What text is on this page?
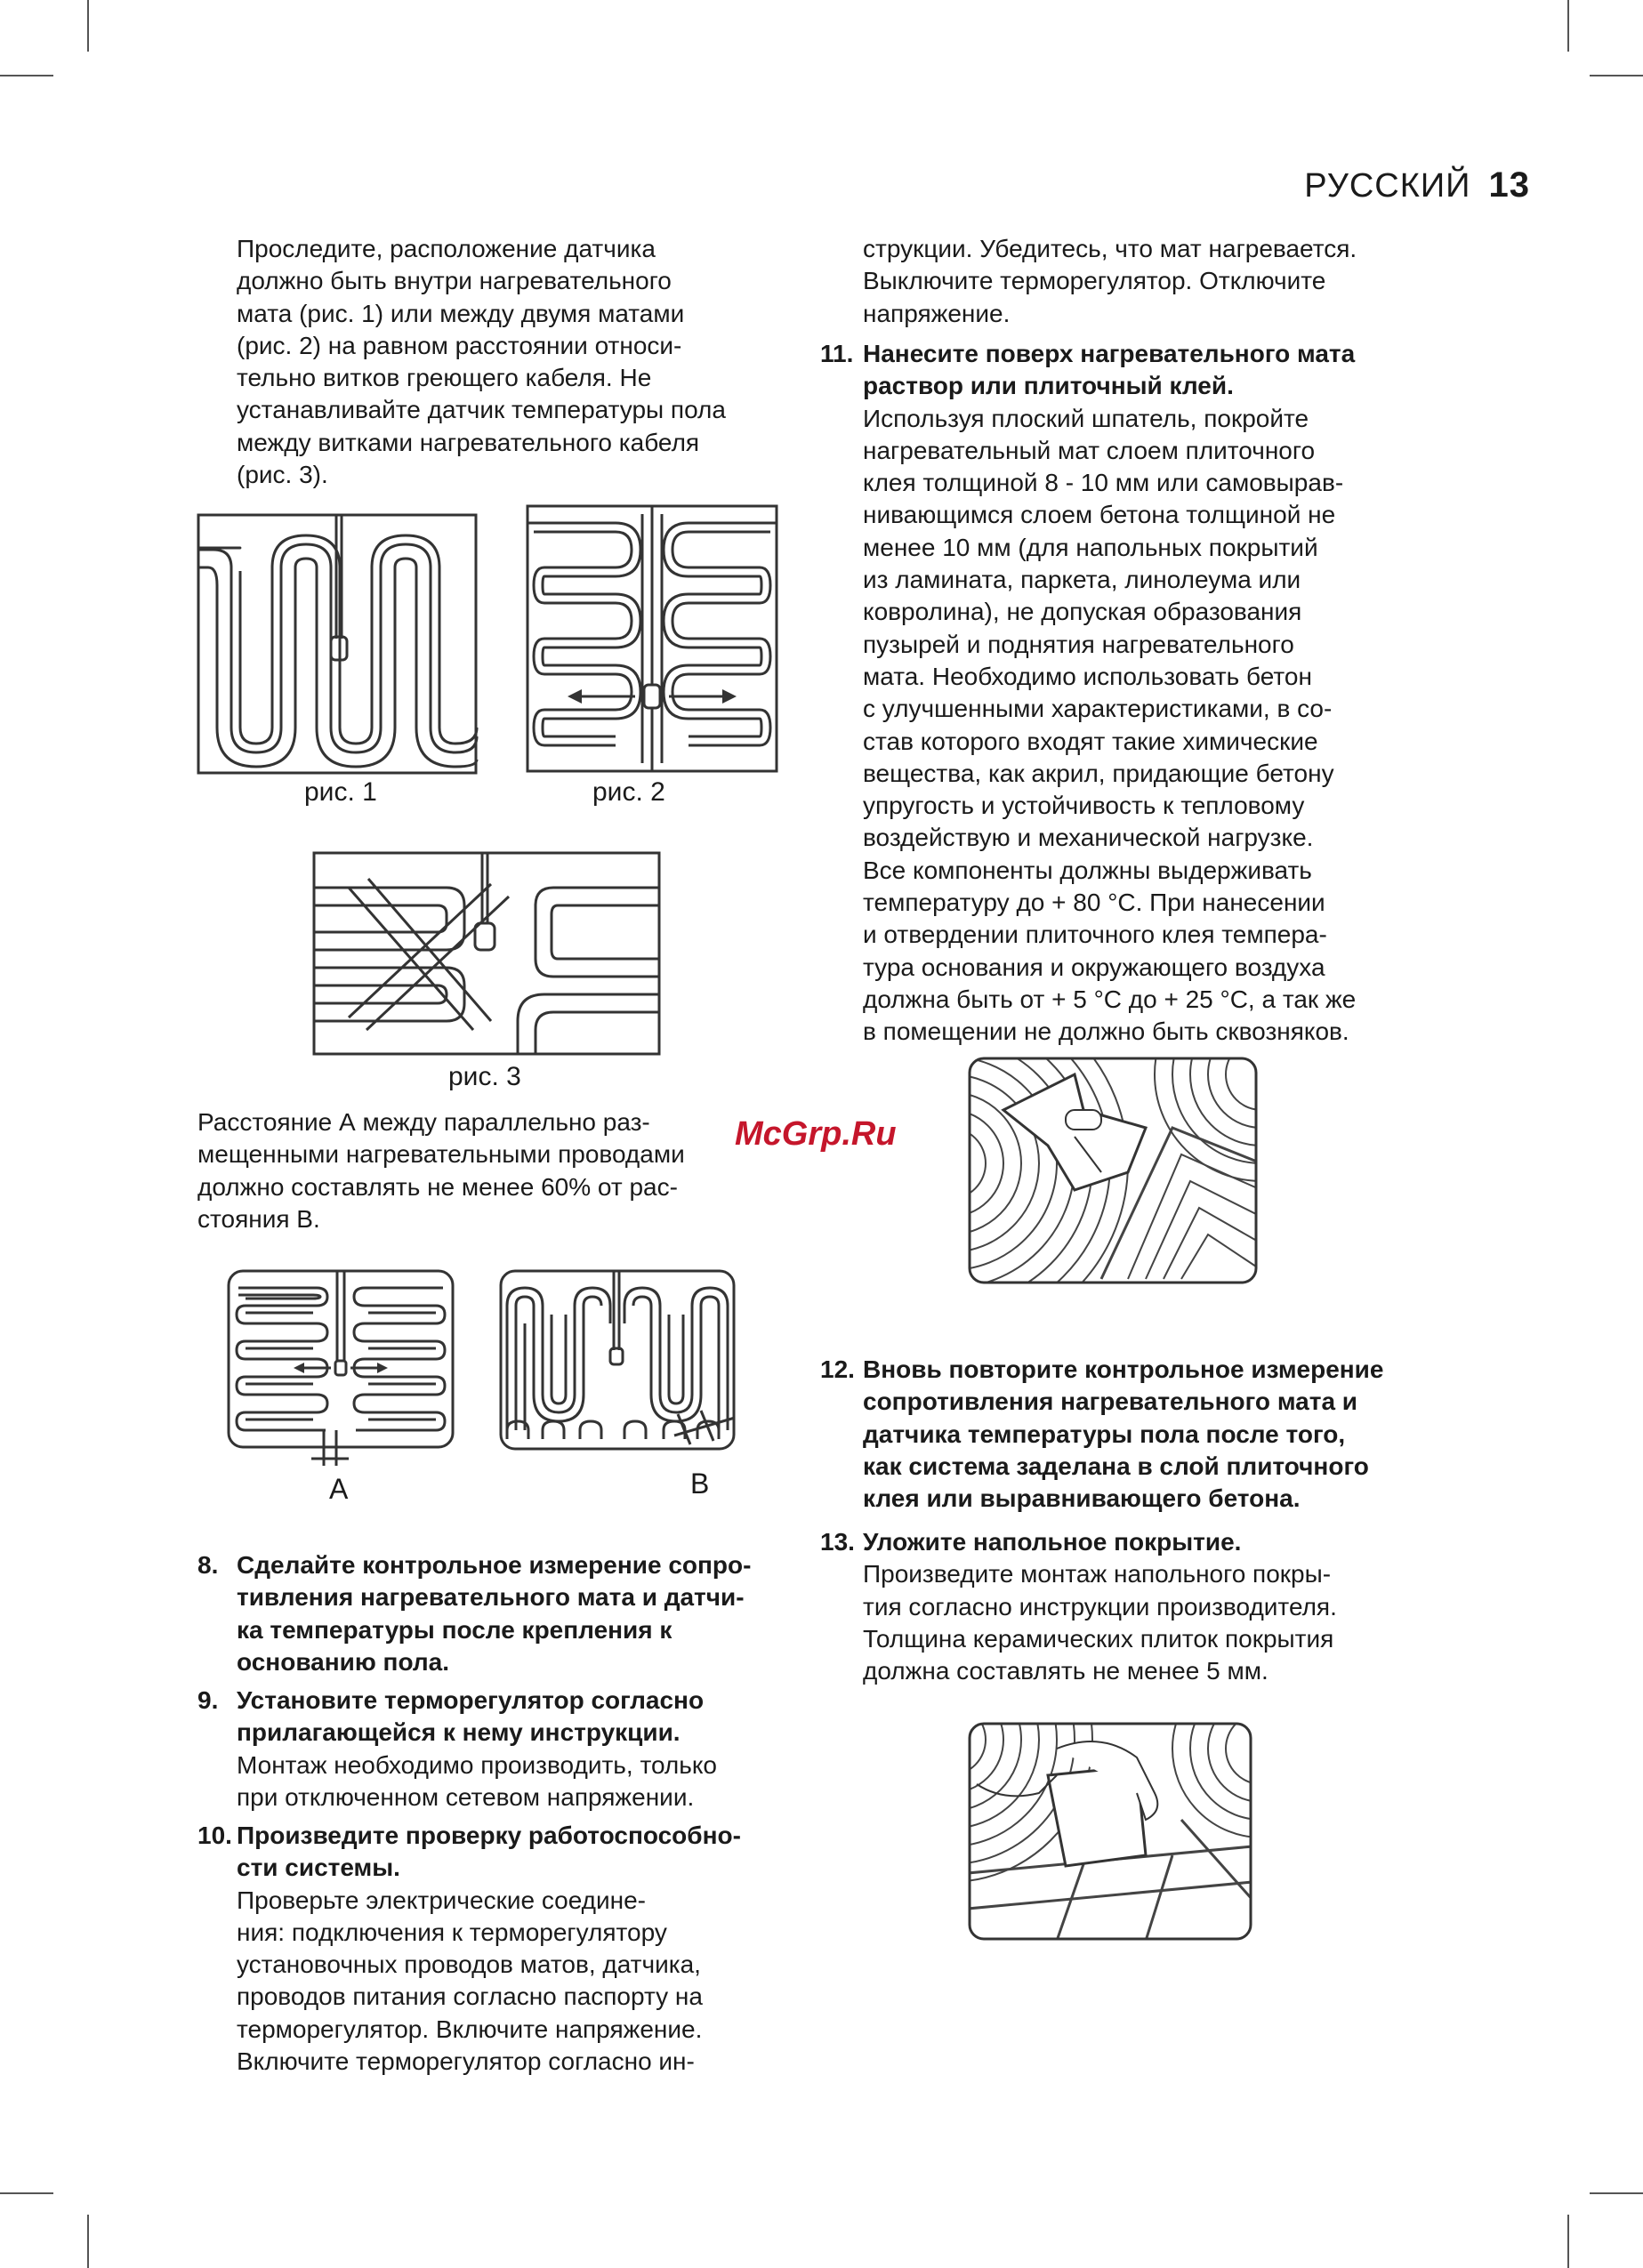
РУССКИЙ 13

Проследите, расположение датчика

должно быть внутри нагревательного

мата (рис. 1) или между двумя матами

(рис. 2) на равном расстоянии относи-

тельно витков греющего кабеля. Не

устанавливайте датчик температуры пола

между витками нагревательного кабеля

(рис. 3).

рис. 1	рис. 2
рис. 3
McGrp.Ru

Расстояние А между параллельно раз-

мещенными нагревательными проводами

должно составлять не менее 60% от рас-

стояния В.

A	B
8. Сделайте контрольное измерение сопро-

тивления нагревательного мата и датчи-

ка температуры после крепления к

основанию пола.

9. Установите терморегулятор согласно

прилагающейся к нему инструкции.

Монтаж необходимо производить, только

при отключенном сетевом напряжении.

10. Произведите проверку работоспособно-

сти системы.

Проверьте электрические соедине-

ния: подключения к терморегулятору

установочных проводов матов, датчика,

проводов питания согласно паспорту на

терморегулятор. Включите напряжение.

Включите терморегулятор согласно ин-

струкции. Убедитесь, что мат нагревается.

Выключите терморегулятор. Отключите

напряжение.

11. Нанесите поверх нагревательного мата

раствор или плиточный клей.

Используя плоский шпатель, покройте

нагревательный мат слоем плиточного

клея толщиной 8 - 10 мм или самовырав-

нивающимся слоем бетона толщиной не

менее 10 мм (для напольных покрытий

из ламината, паркета, линолеума или

ковролина), не допуская образования

пузырей и поднятия нагревательного

мата. Необходимо использовать бетон

с улучшенными характеристиками, в со-

став которого входят такие химические

вещества, как акрил, придающие бетону

упругость и устойчивость к тепловому

воздействую и механической нагрузке.

Все компоненты должны выдерживать

температуру до + 80 °С. При нанесении

и отвердении плиточного клея темпера-

тура основания и окружающего воздуха

должна быть от + 5 °С до + 25 °С, а так же

в помещении не должно быть сквозняков.

12. Вновь повторите контрольное измерение

сопротивления нагревательного мата и

датчика температуры пола после того,

как система заделана в слой плиточного

клея или выравнивающего бетона.

13. Уложите напольное покрытие.

Произведите монтаж напольного покры-

тия согласно инструкции производителя.

Толщина керамических плиток покрытия

должна составлять не менее 5 мм.
